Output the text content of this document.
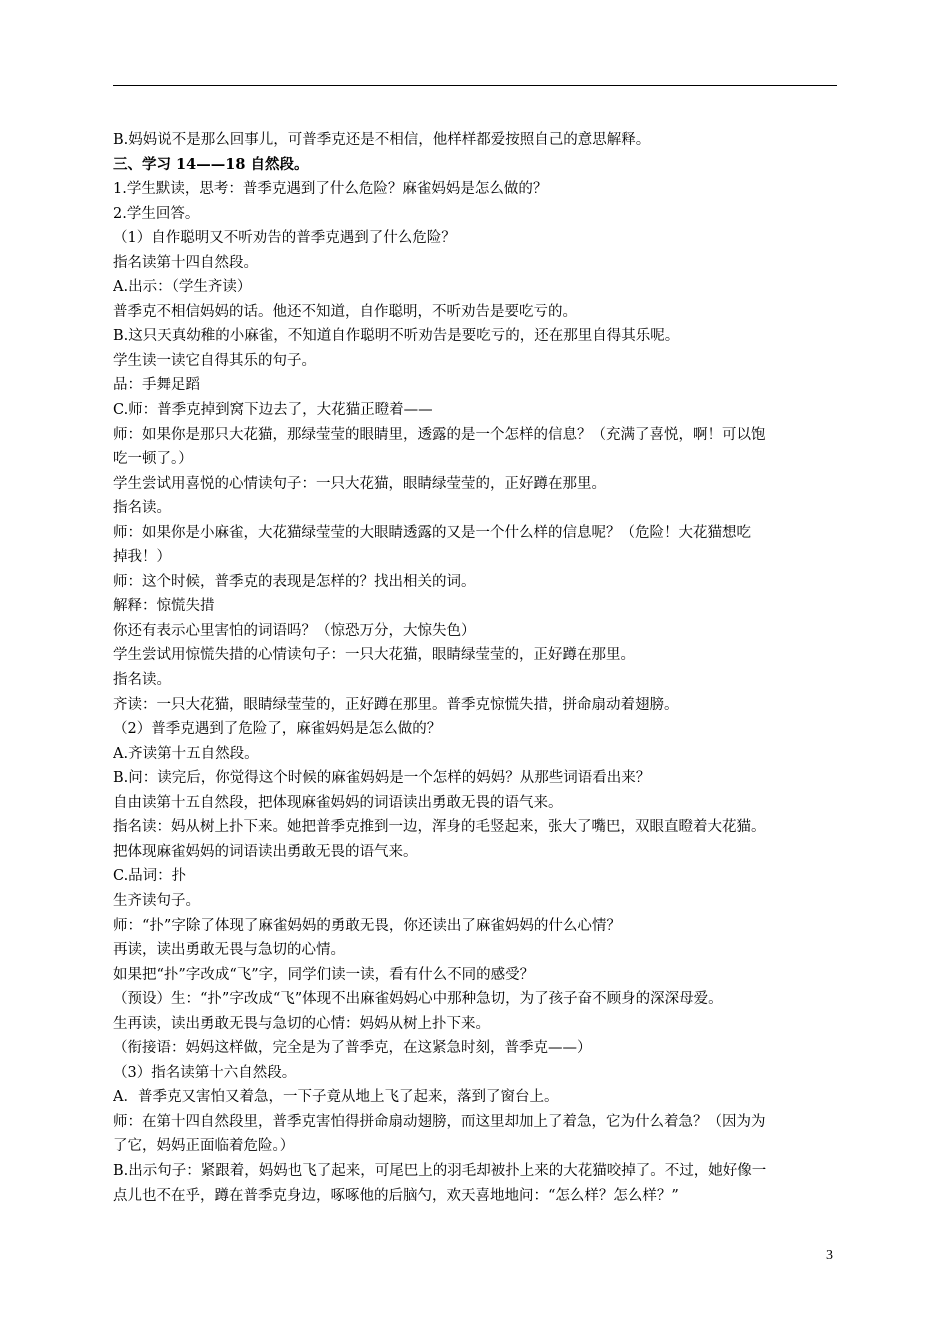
B.妈妈说不是那么回事儿，可普季克还是不相信，他样样都爱按照自己的意思解释。
三、学习 14——18 自然段。
1.学生默读，思考：普季克遇到了什么危险？麻雀妈妈是怎么做的？
2.学生回答。
（1）自作聪明又不听劝告的普季克遇到了什么危险？
指名读第十四自然段。
A.出示：（学生齐读）
普季克不相信妈妈的话。他还不知道，自作聪明，不听劝告是要吃亏的。
B.这只天真幼稚的小麻雀，不知道自作聪明不听劝告是要吃亏的，还在那里自得其乐呢。
学生读一读它自得其乐的句子。
品：手舞足蹈
C.师：普季克掉到窝下边去了，大花猫正瞪着——
师：如果你是那只大花猫，那绿莹莹的眼睛里，透露的是一个怎样的信息？（充满了喜悦，啊！可以饱
吃一顿了。）
学生尝试用喜悦的心情读句子：一只大花猫，眼睛绿莹莹的，正好蹲在那里。
指名读。
师：如果你是小麻雀，大花猫绿莹莹的大眼睛透露的又是一个什么样的信息呢？（危险！大花猫想吃
掉我！）
师：这个时候，普季克的表现是怎样的？找出相关的词。
解释：惊慌失措
你还有表示心里害怕的词语吗？（惊恐万分，大惊失色）
学生尝试用惊慌失措的心情读句子：一只大花猫，眼睛绿莹莹的，正好蹲在那里。
指名读。
齐读：一只大花猫，眼睛绿莹莹的，正好蹲在那里。普季克惊慌失措，拼命扇动着翅膀。
（2）普季克遇到了危险了，麻雀妈妈是怎么做的？
A.齐读第十五自然段。
B.问：读完后，你觉得这个时候的麻雀妈妈是一个怎样的妈妈？从那些词语看出来？
自由读第十五自然段，把体现麻雀妈妈的词语读出勇敢无畏的语气来。
指名读：妈从树上扑下来。她把普季克推到一边，浑身的毛竖起来，张大了嘴巴，双眼直瞪着大花猫。
把体现麻雀妈妈的词语读出勇敢无畏的语气来。
C.品词：扑
生齐读句子。
师：“扑”字除了体现了麻雀妈妈的勇敢无畏，你还读出了麻雀妈妈的什么心情？
再读，读出勇敢无畏与急切的心情。
如果把“扑”字改成“飞”字，同学们读一读，看有什么不同的感受？
（预设）生：“扑”字改成“飞”体现不出麻雀妈妈心中那种急切，为了孩子奋不顾身的深深母爱。
生再读，读出勇敢无畏与急切的心情：妈妈从树上扑下来。
（衔接语：妈妈这样做，完全是为了普季克，在这紧急时刻，普季克——）
（3）指名读第十六自然段。
A．普季克又害怕又着急，一下子竟从地上飞了起来，落到了窗台上。
师：在第十四自然段里，普季克害怕得拼命扇动翅膀，而这里却加上了着急，它为什么着急？（因为为
了它，妈妈正面临着危险。）
B.出示句子：紧跟着，妈妈也飞了起来，可尾巴上的羽毛却被扑上来的大花猫咬掉了。不过，她好像一
点儿也不在乎，蹲在普季克身边，啄啄他的后脑勺，欢天喜地地问：“怎么样？怎么样？”
3
